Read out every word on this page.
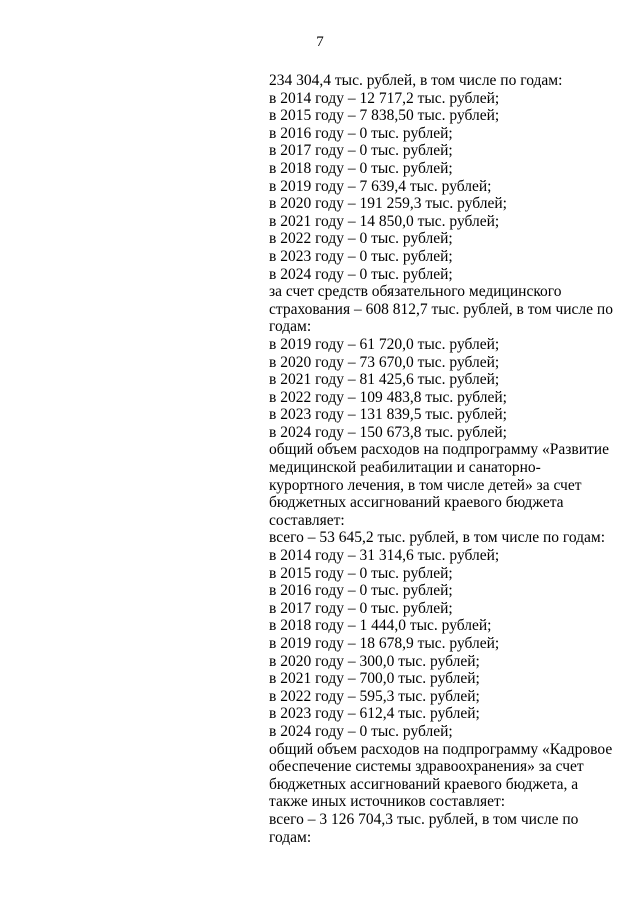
7
234 304,4 тыс. рублей, в том числе по годам:
в 2014 году – 12 717,2 тыс. рублей;
в 2015 году – 7 838,50 тыс. рублей;
в 2016 году – 0 тыс. рублей;
в 2017 году – 0 тыс. рублей;
в 2018 году – 0 тыс. рублей;
в 2019 году – 7 639,4 тыс. рублей;
в 2020 году – 191 259,3 тыс. рублей;
в 2021 году – 14 850,0 тыс. рублей;
в 2022 году – 0 тыс. рублей;
в 2023 году – 0 тыс. рублей;
в 2024 году – 0 тыс. рублей;
за счет средств обязательного медицинского
страхования – 608 812,7 тыс. рублей, в том числе по
годам:
в 2019 году – 61 720,0 тыс. рублей;
в 2020 году – 73 670,0 тыс. рублей;
в 2021 году – 81 425,6 тыс. рублей;
в 2022 году – 109 483,8 тыс. рублей;
в 2023 году – 131 839,5 тыс. рублей;
в 2024 году – 150 673,8 тыс. рублей;
общий объем расходов на подпрограмму «Развитие
медицинской реабилитации и санаторно-
курортного лечения, в том числе детей» за счет
бюджетных ассигнований краевого бюджета
составляет:
всего – 53 645,2 тыс. рублей, в том числе по годам:
в 2014 году – 31 314,6 тыс. рублей;
в 2015 году – 0 тыс. рублей;
в 2016 году – 0 тыс. рублей;
в 2017 году – 0 тыс. рублей;
в 2018 году – 1 444,0 тыс. рублей;
в 2019 году – 18 678,9 тыс. рублей;
в 2020 году – 300,0 тыс. рублей;
в 2021 году – 700,0 тыс. рублей;
в 2022 году – 595,3 тыс. рублей;
в 2023 году – 612,4 тыс. рублей;
в 2024 году – 0 тыс. рублей;
общий объем расходов на подпрограмму «Кадровое
обеспечение системы здравоохранения» за счет
бюджетных ассигнований краевого бюджета, а
также иных источников составляет:
всего – 3 126 704,3 тыс. рублей, в том числе по
годам:
